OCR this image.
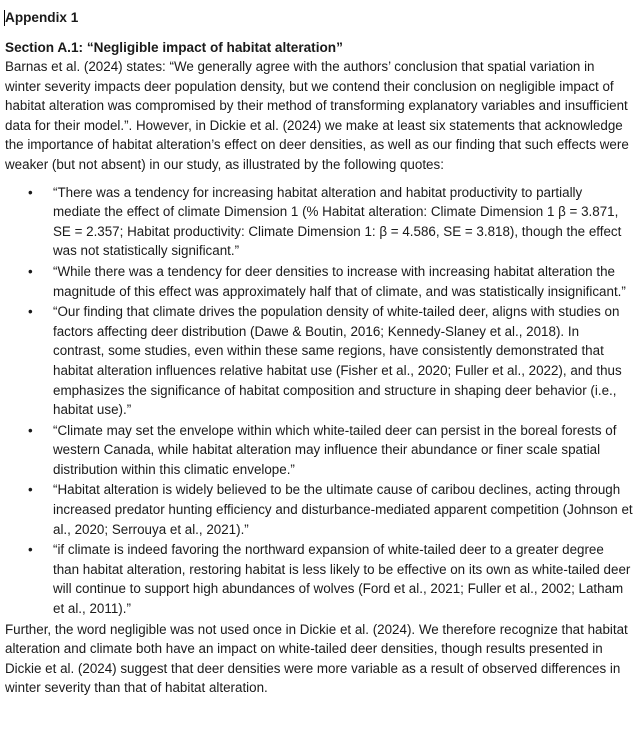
Appendix 1
Section A.1: “Negligible impact of habitat alteration”

Barnas et al. (2024) states: “We generally agree with the authors’ conclusion that spatial variation in winter severity impacts deer population density, but we contend their conclusion on negligible impact of habitat alteration was compromised by their method of transforming explanatory variables and insufficient data for their model.”. However, in Dickie et al. (2024) we make at least six statements that acknowledge the importance of habitat alteration’s effect on deer densities, as well as our finding that such effects were weaker (but not absent) in our study, as illustrated by the following quotes:

• “There was a tendency for increasing habitat alteration and habitat productivity to partially mediate the effect of climate Dimension 1 (% Habitat alteration: Climate Dimension 1 β = 3.871, SE = 2.357; Habitat productivity: Climate Dimension 1: β = 4.586, SE = 3.818), though the effect was not statistically significant.”
• “While there was a tendency for deer densities to increase with increasing habitat alteration the magnitude of this effect was approximately half that of climate, and was statistically insignificant.”
• “Our finding that climate drives the population density of white-tailed deer, aligns with studies on factors affecting deer distribution (Dawe & Boutin, 2016; Kennedy-Slaney et al., 2018). In contrast, some studies, even within these same regions, have consistently demonstrated that habitat alteration influences relative habitat use (Fisher et al., 2020; Fuller et al., 2022), and thus emphasizes the significance of habitat composition and structure in shaping deer behavior (i.e., habitat use).”
• “Climate may set the envelope within which white-tailed deer can persist in the boreal forests of western Canada, while habitat alteration may influence their abundance or finer scale spatial distribution within this climatic envelope.”
• “Habitat alteration is widely believed to be the ultimate cause of caribou declines, acting through increased predator hunting efficiency and disturbance-mediated apparent competition (Johnson et al., 2020; Serrouya et al., 2021).”
• “if climate is indeed favoring the northward expansion of white-tailed deer to a greater degree than habitat alteration, restoring habitat is less likely to be effective on its own as white-tailed deer will continue to support high abundances of wolves (Ford et al., 2021; Fuller et al., 2002; Latham et al., 2011).”

Further, the word negligible was not used once in Dickie et al. (2024). We therefore recognize that habitat alteration and climate both have an impact on white-tailed deer densities, though results presented in Dickie et al. (2024) suggest that deer densities were more variable as a result of observed differences in winter severity than that of habitat alteration.
